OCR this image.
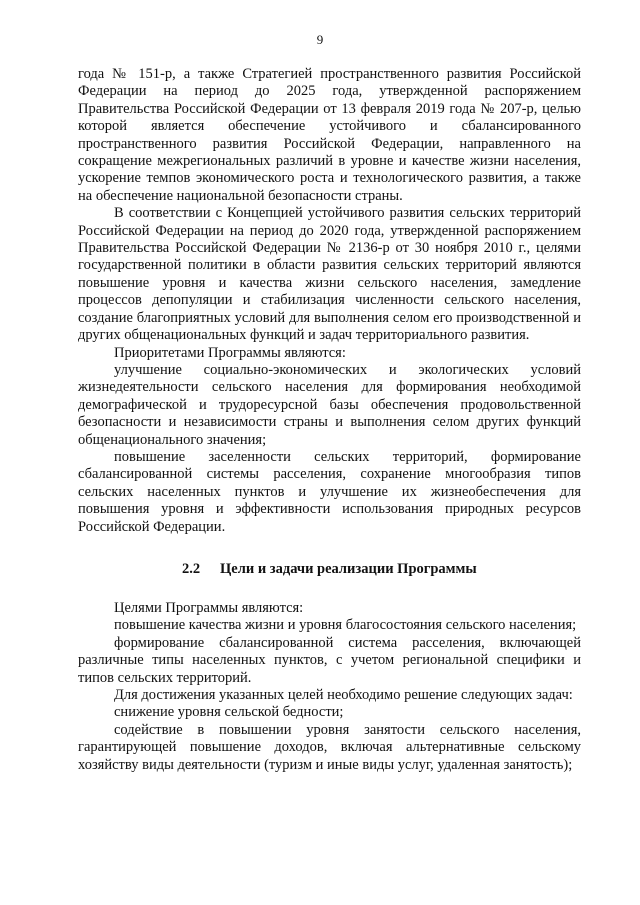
9

года № 151-р, а также Стратегией пространственного развития Российской Федерации на период до 2025 года, утвержденной распоряжением Правительства Российской Федерации от 13 февраля 2019 года № 207-р, целью которой является обеспечение устойчивого и сбалансированного пространственного развития Российской Федерации, направленного на сокращение межрегиональных различий в уровне и качестве жизни населения, ускорение темпов экономического роста и технологического развития, а также на обеспечение национальной безопасности страны.

В соответствии с Концепцией устойчивого развития сельских территорий Российской Федерации на период до 2020 года, утвержденной распоряжением Правительства Российской Федерации № 2136-р от 30 ноября 2010 г., целями государственной политики в области развития сельских территорий являются повышение уровня и качества жизни сельского населения, замедление процессов депопуляции и стабилизация численности сельского населения, создание благоприятных условий для выполнения селом его производственной и других общенациональных функций и задач территориального развития.

Приоритетами Программы являются:

улучшение социально-экономических и экологических условий жизнедеятельности сельского населения для формирования необходимой демографической и трудоресурсной базы обеспечения продовольственной безопасности и независимости страны и выполнения селом других функций общенационального значения;

повышение заселенности сельских территорий, формирование сбалансированной системы расселения, сохранение многообразия типов сельских населенных пунктов и улучшение их жизнеобеспечения для повышения уровня и эффективности использования природных ресурсов Российской Федерации.

2.2 Цели и задачи реализации Программы

Целями Программы являются:

повышение качества жизни и уровня благосостояния сельского населения;

формирование сбалансированной система расселения, включающей различные типы населенных пунктов, с учетом региональной специфики и типов сельских территорий.

Для достижения указанных целей необходимо решение следующих задач:

снижение уровня сельской бедности;

содействие в повышении уровня занятости сельского населения, гарантирующей повышение доходов, включая альтернативные сельскому хозяйству виды деятельности (туризм и иные виды услуг, удаленная занятость);
